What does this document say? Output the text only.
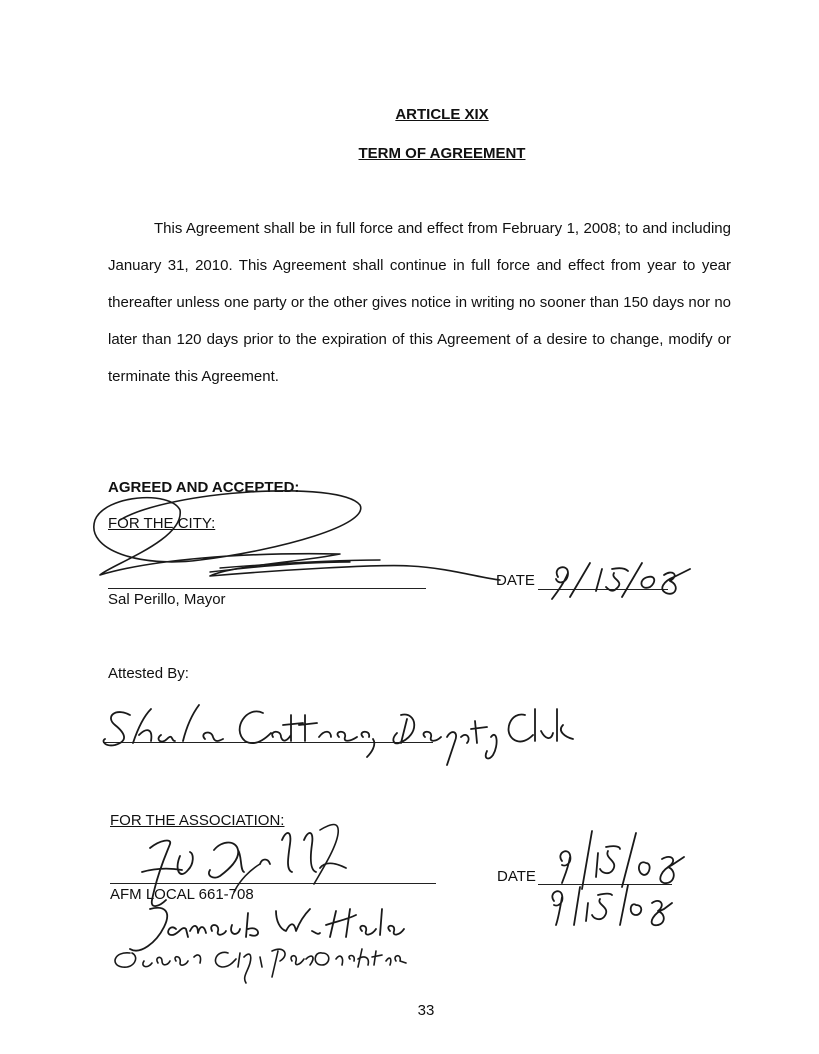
ARTICLE XIX
TERM OF AGREEMENT
This Agreement shall be in full force and effect from February 1, 2008; to and including January 31, 2010. This Agreement shall continue in full force and effect from year to year thereafter unless one party or the other gives notice in writing no sooner than 150 days nor no later than 120 days prior to the expiration of this Agreement of a desire to change, modify or terminate this Agreement.
AGREED AND ACCEPTED:
FOR THE CITY:
Sal Perillo, Mayor
DATE
Attested By:
FOR THE ASSOCIATION:
AFM LOCAL 661-708
DATE
33
